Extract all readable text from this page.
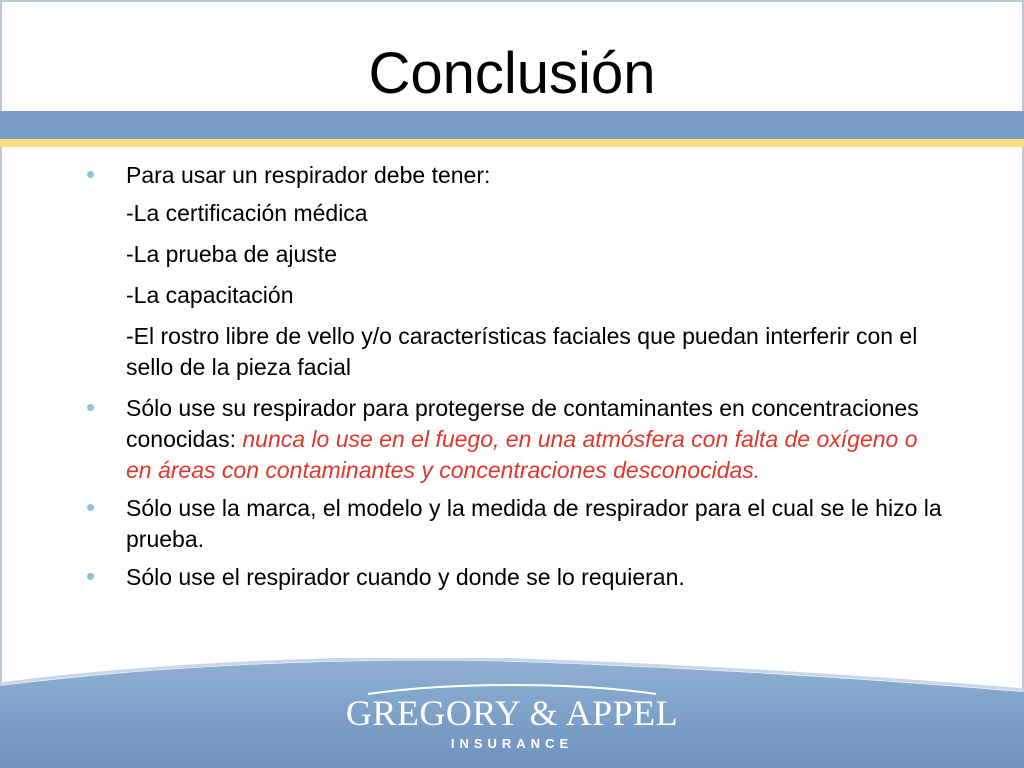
Conclusión
•	Para usar un respirador debe tener:
-La certificación médica
-La prueba de ajuste
-La capacitación
-El rostro libre de vello y/o características faciales que puedan interferir con el sello de la pieza facial
•	Sólo use su respirador para protegerse de contaminantes en concentraciones conocidas: nunca lo use en el fuego, en una atmósfera con falta de oxígeno o en áreas con contaminantes y concentraciones desconocidas.
•	Sólo use la marca, el modelo y la medida de respirador para el cual se le hizo la prueba.
•	Sólo use el respirador cuando y donde se lo requieran.
GREGORY & APPEL
INSURANCE
